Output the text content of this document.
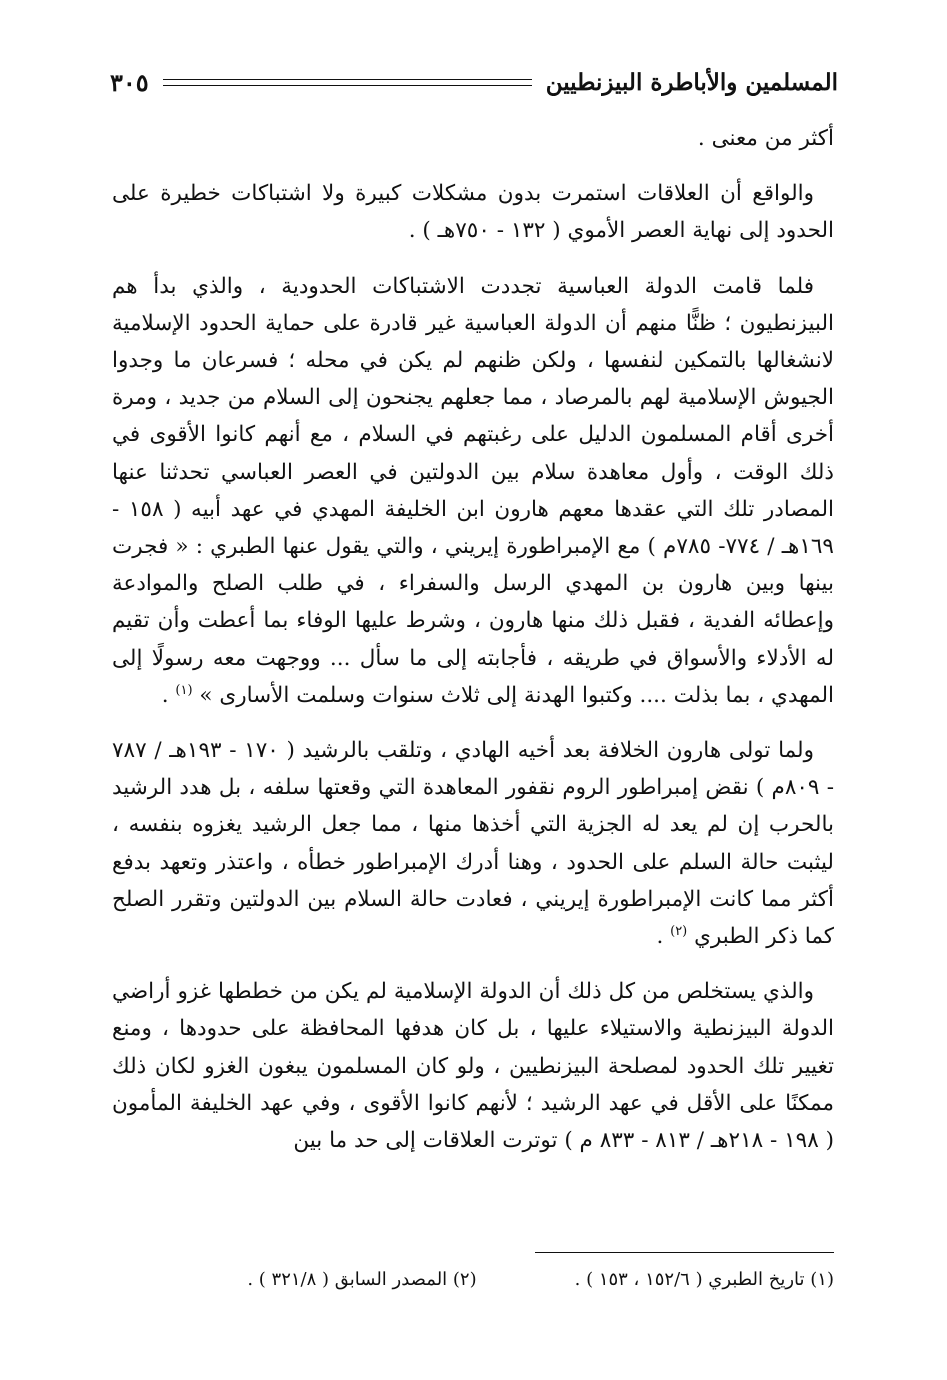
المسلمين والأباطرة البيزنطيين
٣٠٥

أكثر من معنى .

والواقع أن العلاقات استمرت بدون مشكلات كبيرة ولا اشتباكات خطيرة على الحدود إلى نهاية العصر الأموي ( ١٣٢ - ٧٥٠هـ ) .

فلما قامت الدولة العباسية تجددت الاشتباكات الحدودية ، والذي بدأ هم البيزنطيون ؛ ظنًّا منهم أن الدولة العباسية غير قادرة على حماية الحدود الإسلامية لانشغالها بالتمكين لنفسها ، ولكن ظنهم لم يكن في محله ؛ فسرعان ما وجدوا الجيوش الإسلامية لهم بالمرصاد ، مما جعلهم يجنحون إلى السلام من جديد ، ومرة أخرى أقام المسلمون الدليل على رغبتهم في السلام ، مع أنهم كانوا الأقوى في ذلك الوقت ، وأول معاهدة سلام بين الدولتين في العصر العباسي تحدثنا عنها المصادر تلك التي عقدها معهم هارون ابن الخليفة المهدي في عهد أبيه ( ١٥٨ - ١٦٩هـ / ٧٧٤- ٧٨٥م ) مع الإمبراطورة إيريني ، والتي يقول عنها الطبري : « فجرت بينها وبين هارون بن المهدي الرسل والسفراء ، في طلب الصلح والموادعة وإعطائه الفدية ، فقبل ذلك منها هارون ، وشرط عليها الوفاء بما أعطت وأن تقيم له الأدلاء والأسواق في طريقه ، فأجابته إلى ما سأل ... ووجهت معه رسولًا إلى المهدي ، بما بذلت .... وكتبوا الهدنة إلى ثلاث سنوات وسلمت الأسارى » $^{(١)}$ .

ولما تولى هارون الخلافة بعد أخيه الهادي ، وتلقب بالرشيد ( ١٧٠ - ١٩٣هـ / ٧٨٧ - ٨٠٩م ) نقض إمبراطور الروم نقفور المعاهدة التي وقعتها سلفه ، بل هدد الرشيد بالحرب إن لم يعد له الجزية التي أخذها منها ، مما جعل الرشيد يغزوه بنفسه ، ليثبت حالة السلم على الحدود ، وهنا أدرك الإمبراطور خطأه ، واعتذر وتعهد بدفع أكثر مما كانت الإمبراطورة إيريني ، فعادت حالة السلام بين الدولتين وتقرر الصلح كما ذكر الطبري $^{(٢)}$ .

والذي يستخلص من كل ذلك أن الدولة الإسلامية لم يكن من خططها غزو أراضي الدولة البيزنطية والاستيلاء عليها ، بل كان هدفها المحافظة على حدودها ، ومنع تغيير تلك الحدود لمصلحة البيزنطيين ، ولو كان المسلمون يبغون الغزو لكان ذلك ممكنًا على الأقل في عهد الرشيد ؛ لأنهم كانوا الأقوى ، وفي عهد الخليفة المأمون ( ١٩٨ - ٢١٨هـ / ٨١٣ - ٨٣٣ م ) توترت العلاقات إلى حد ما بين

(١) تاريخ الطبري ( ١٥٢/٦ ، ١٥٣ ) .
(٢) المصدر السابق ( ٣٢١/٨ ) .
